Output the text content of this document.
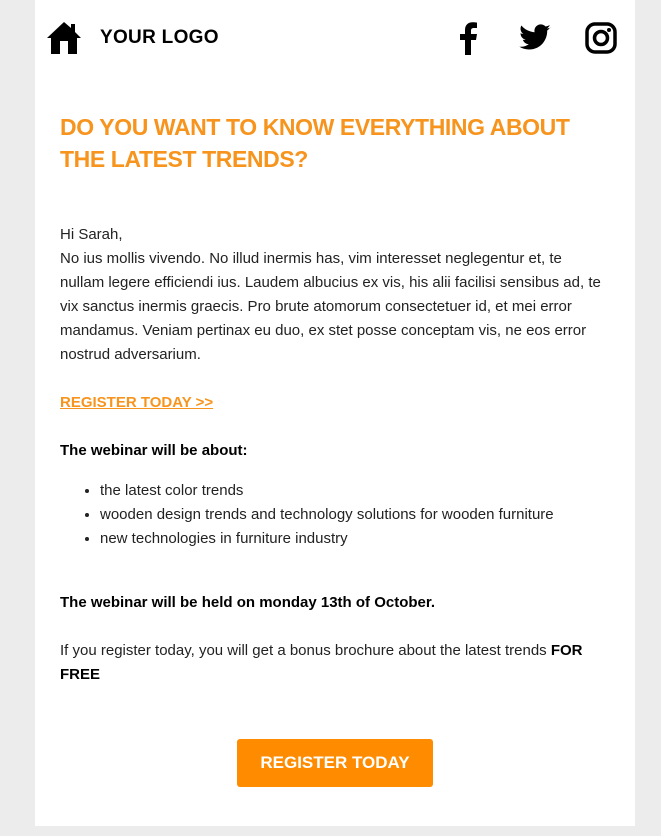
YOUR LOGO
DO YOU WANT TO KNOW EVERYTHING ABOUT THE LATEST TRENDS?

Hi Sarah,

No ius mollis vivendo. No illud inermis has, vim interesset neglegentur et, te nullam legere efficiendi ius. Laudem albucius ex vis, his alii facilisi sensibus ad, te vix sanctus inermis graecis. Pro brute atomorum consectetuer id, et mei error mandamus. Veniam pertinax eu duo, ex stet posse conceptam vis, ne eos error nostrud adversarium.

REGISTER TODAY >>

The webinar will be about:

• the latest color trends
• wooden design trends and technology solutions for wooden furniture
• new technologies in furniture industry

The webinar will be held on monday 13th of October.

If you register today, you will get a bonus brochure about the latest trends FOR FREE

REGISTER TODAY
